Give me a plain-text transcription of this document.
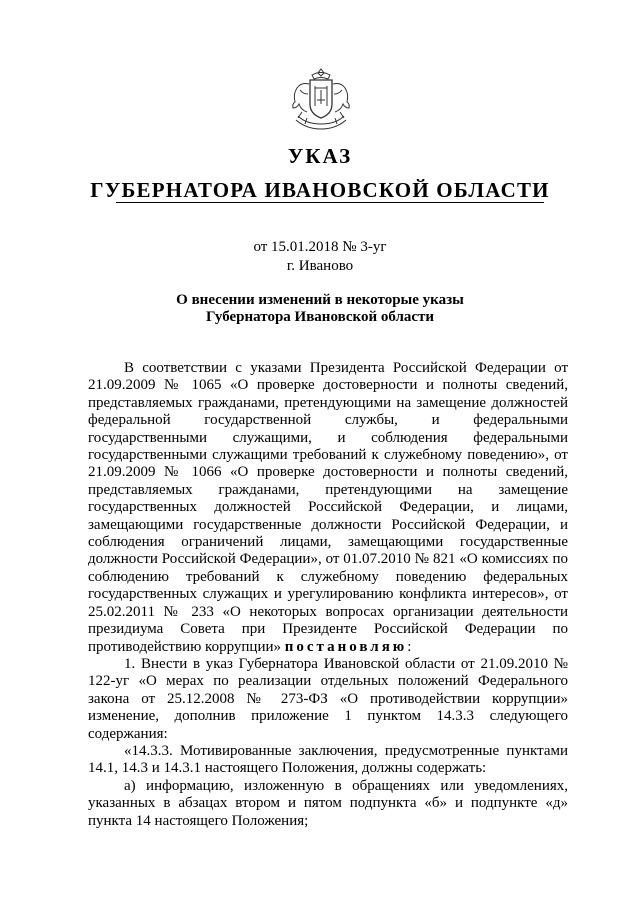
УКАЗ
ГУБЕРНАТОРА ИВАНОВСКОЙ ОБЛАСТИ
от 15.01.2018 № 3-уг
г. Иваново
О внесении изменений в некоторые указы
Губернатора Ивановской области

В соответствии с указами Президента Российской Федерации от 21.09.2009 № 1065 «О проверке достоверности и полноты сведений, представляемых гражданами, претендующими на замещение должностей федеральной государственной службы, и федеральными государственными служащими, и соблюдения федеральными государственными служащими требований к служебному поведению», от 21.09.2009 № 1066 «О проверке достоверности и полноты сведений, представляемых гражданами, претендующими на замещение государственных должностей Российской Федерации, и лицами, замещающими государственные должности Российской Федерации, и соблюдения ограничений лицами, замещающими государственные должности Российской Федерации», от 01.07.2010 № 821 «О комиссиях по соблюдению требований к служебному поведению федеральных государственных служащих и урегулированию конфликта интересов», от 25.02.2011 № 233 «О некоторых вопросах организации деятельности президиума Совета при Президенте Российской Федерации по противодействию коррупции» постановляю:

1. Внести в указ Губернатора Ивановской области от 21.09.2010 № 122-уг «О мерах по реализации отдельных положений Федерального закона от 25.12.2008 № 273-ФЗ «О противодействии коррупции» изменение, дополнив приложение 1 пунктом 14.3.3 следующего содержания:

«14.3.3. Мотивированные заключения, предусмотренные пунктами 14.1, 14.3 и 14.3.1 настоящего Положения, должны содержать:

а) информацию, изложенную в обращениях или уведомлениях, указанных в абзацах втором и пятом подпункта «б» и подпункте «д» пункта 14 настоящего Положения;
